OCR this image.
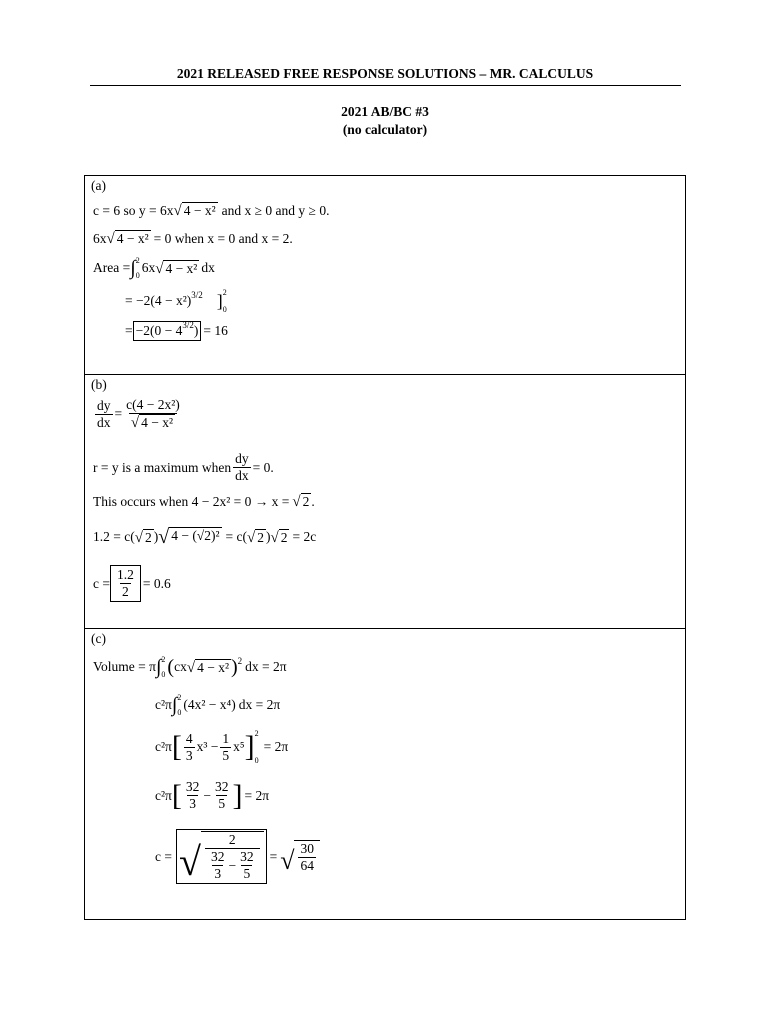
2021 RELEASED FREE RESPONSE SOLUTIONS – MR. CALCULUS
2021 AB/BC #3
(no calculator)
(a)
c = 6 so y = 6x √ 4 − x² and x ≥ 0 and y ≥ 0.
6x √ 4 − x² = 0 when x = 0 and x = 2.
Area = ∫ 2
0
6x √ 4 − x² dx
= −2(4 − x²) 3/2 ] 2
0
= −2(0 − 4 3/2 ) = 16
(b)
$\frac{dy}{dx} = \frac{\text{c(4 − 2x²)}}{\text{√ 4 − x²}}$
r = y is a maximum when $\frac{dy}{dx} = 0$.
This occurs when 4 − 2x² = 0 → x = √ 2 .
1.2 = c( √ 2 ) √ 4 − (√2)² = c( √ 2 ) √ 2 = 2c
$c = \frac{1.2}{2} = 0.6$
(c)
Volume = π ∫ 2
0 ( cx √ 4 − x² ) 2 dx = 2π
c²π ∫ 2
0
(4x² − x⁴) dx = 2π
c²π [ $\frac{4}{3} x^3 - \frac{1}{5} x^5$ ] 2
0
= 2π
c²π [ $\frac{32}{3} - \frac{32}{5}$ ] = 2π
c = √ $\frac{2}{\frac{32}{3} - \frac{32}{5}}$ = √ $\frac{30}{64}$
